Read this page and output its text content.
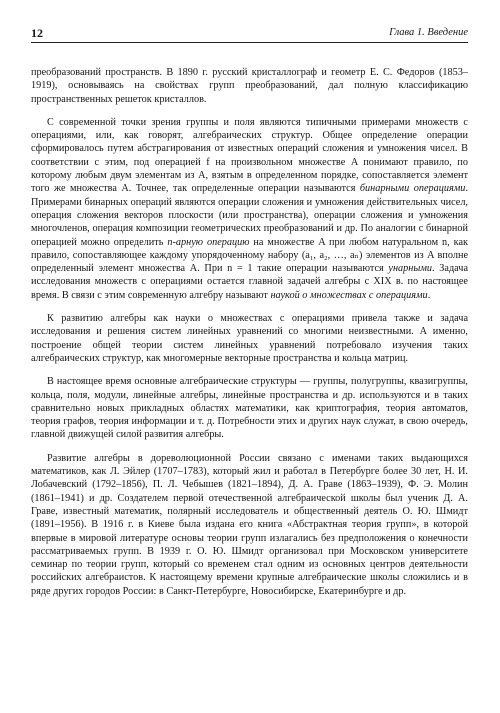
12	Глава 1. Введение

преобразований пространств. В 1890 г. русский кристаллограф и геометр Е. С. Федоров (1853–1919), основываясь на свойствах групп преобразований, дал полную классификацию пространственных решеток кристаллов.

С современной точки зрения группы и поля являются типичными примерами множеств с операциями, или, как говорят, алгебраических структур. Общее определение операции сформировалось путем абстрагирования от известных операций сложения и умножения чисел. В соответствии с этим, под операцией f на произвольном множестве A понимают правило, по которому любым двум элементам из A, взятым в определенном порядке, сопоставляется элемент того же множества A. Точнее, так определенные операции называются бинарными операциями. Примерами бинарных операций являются операции сложения и умножения действительных чисел, операция сложения векторов плоскости (или пространства), операции сложения и умножения многочленов, операция композиции геометрических преобразований и др. По аналогии с бинарной операцией можно определить n-арную операцию на множестве A при любом натуральном n, как правило, сопоставляющее каждому упорядоченному набору (a₁, a₂, …, aₙ) элементов из A вполне определенный элемент множества A. При n = 1 такие операции называются унарными. Задача исследования множеств с операциями остается главной задачей алгебры с XIX в. по настоящее время. В связи с этим современную алгебру называют наукой о множествах с операциями.

К развитию алгебры как науки о множествах с операциями привела также и задача исследования и решения систем линейных уравнений со многими неизвестными. А именно, построение общей теории систем линейных уравнений потребовало изучения таких алгебраических структур, как многомерные векторные пространства и кольца матриц.

В настоящее время основные алгебраические структуры — группы, полугруппы, квазигруппы, кольца, поля, модули, линейные алгебры, линейные пространства и др. используются и в таких сравнительно новых прикладных областях математики, как криптография, теория автоматов, теория графов, теория информации и т. д. Потребности этих и других наук служат, в свою очередь, главной движущей силой развития алгебры.

Развитие алгебры в дореволюционной России связано с именами таких выдающихся математиков, как Л. Эйлер (1707–1783), который жил и работал в Петербурге более 30 лет, Н. И. Лобачевский (1792–1856), П. Л. Чебышев (1821–1894), Д. А. Граве (1863–1939), Ф. Э. Молин (1861–1941) и др. Создателем первой отечественной алгебраической школы был ученик Д. А. Граве, известный математик, полярный исследователь и общественный деятель О. Ю. Шмидт (1891–1956). В 1916 г. в Киеве была издана его книга «Абстрактная теория групп», в которой впервые в мировой литературе основы теории групп излагались без предположения о конечности рассматриваемых групп. В 1939 г. О. Ю. Шмидт организовал при Московском университете семинар по теории групп, который со временем стал одним из основных центров деятельности российских алгебраистов. К настоящему времени крупные алгебраические школы сложились и в ряде других городов России: в Санкт-Петербурге, Новосибирске, Екатеринбурге и др.
